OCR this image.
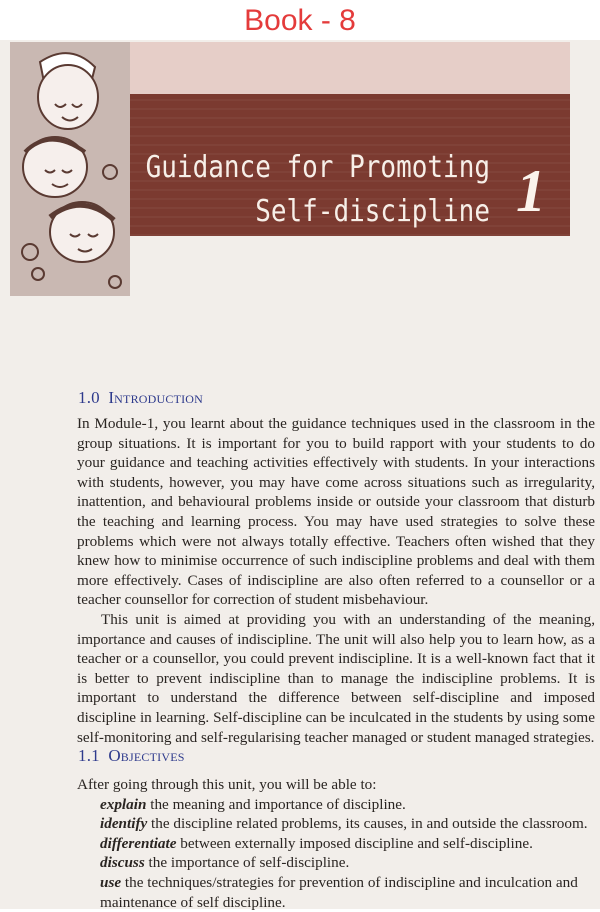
Book - 8
Guidance for Promoting
Self-discipline 1
1.0 Introduction

In Module-1, you learnt about the guidance techniques used in the classroom in the group situations. It is important for you to build rapport with your students to do your guidance and teaching activities effectively with students. In your interactions with students, however, you may have come across situations such as irregularity, inattention, and behavioural problems inside or outside your classroom that disturb the teaching and learning process. You may have used strategies to solve these problems which were not always totally effective. Teachers often wished that they knew how to minimise occurrence of such indiscipline problems and deal with them more effectively. Cases of indiscipline are also often referred to a counsellor or a teacher counsellor for correction of student misbehaviour.

This unit is aimed at providing you with an understanding of the meaning, importance and causes of indiscipline. The unit will also help you to learn how, as a teacher or a counsellor, you could prevent indiscipline. It is a well-known fact that it is better to prevent indiscipline than to manage the indiscipline problems. It is important to understand the difference between self-discipline and imposed discipline in learning. Self-discipline can be inculcated in the students by using some self-monitoring and self-regularising teacher managed or student managed strategies.

1.1 Objectives
After going through this unit, you will be able to:
explain the meaning and importance of discipline.
identify the discipline related problems, its causes, in and outside the classroom.
differentiate between externally imposed discipline and self-discipline.
discuss the importance of self-discipline.
use the techniques/strategies for prevention of indiscipline and inculcation and maintenance of self discipline.
